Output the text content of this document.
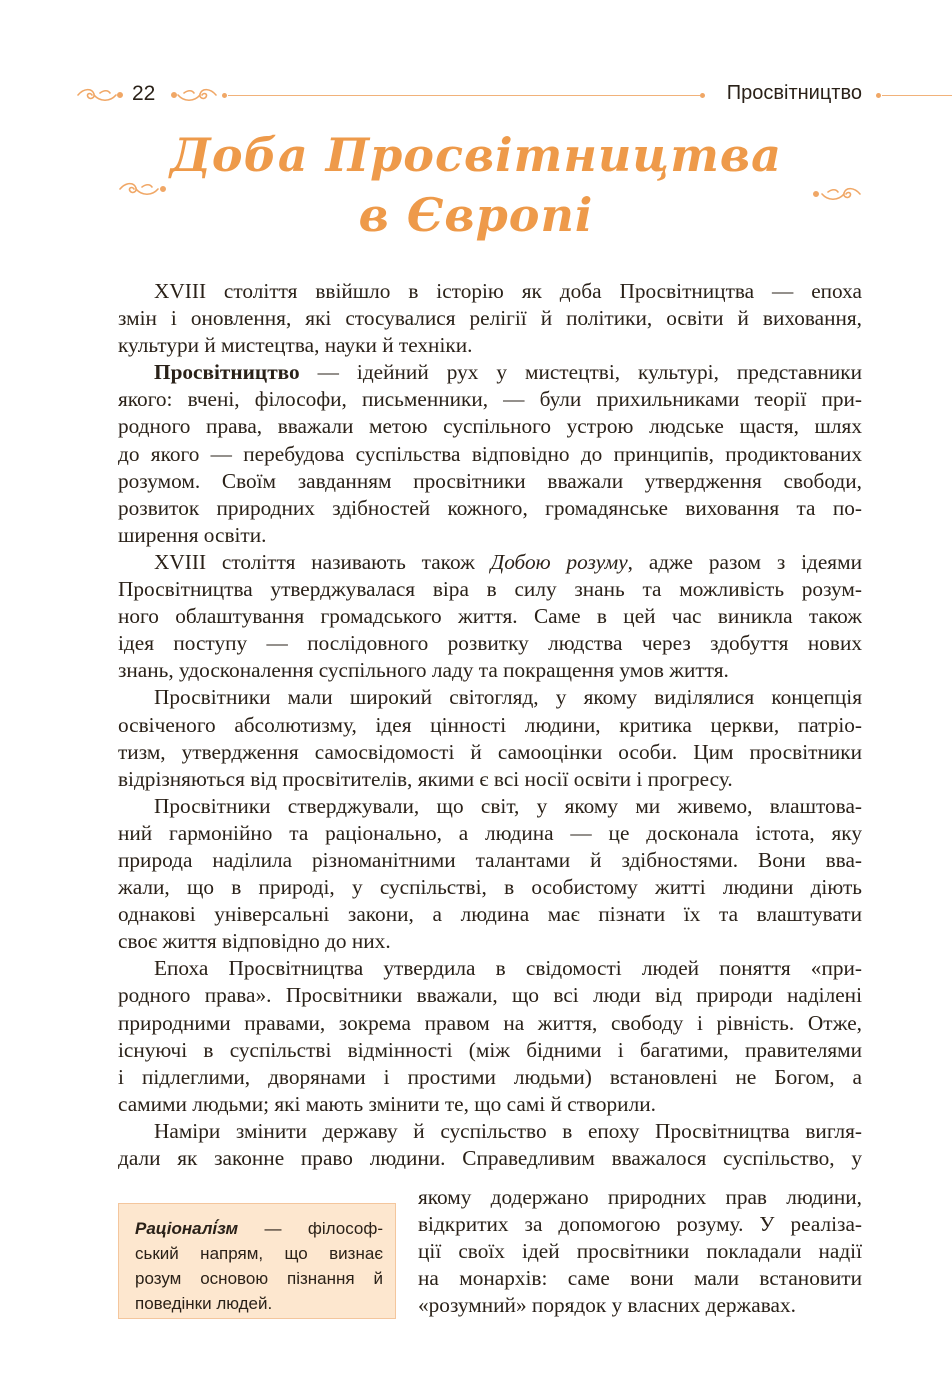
22	Просвітництво
Доба Просвітництва
в Європі

XVIII століття ввійшло в історію як доба Просвітництва — епоха
змін і оновлення, які стосувалися релігії й політики, освіти й виховання,
культури й мистецтва, науки й техніки.

Просвітництво — ідейний рух у мистецтві, культурі, представники
якого: вчені, філософи, письменники, — були прихильниками теорії при-
родного права, вважали метою суспільного устрою людське щастя, шлях
до якого — перебудова суспільства відповідно до принципів, продиктованих
розумом. Своїм завданням просвітники вважали утвердження свободи,
розвиток природних здібностей кожного, громадянське виховання та по-
ширення освіти.

XVIII століття називають також Добою розуму, адже разом з ідеями
Просвітництва утверджувалася віра в силу знань та можливість розум-
ного облаштування громадського життя. Саме в цей час виникла також
ідея поступу — послідовного розвитку людства через здобуття нових
знань, удосконалення суспільного ладу та покращення умов життя.

Просвітники мали широкий світогляд, у якому виділялися концепція
освіченого абсолютизму, ідея цінності людини, критика церкви, патріо-
тизм, утвердження самосвідомості й самооцінки особи. Цим просвітники
відрізняються від просвітителів, якими є всі носії освіти і прогресу.

Просвітники стверджували, що світ, у якому ми живемо, влаштова-
ний гармонійно та раціонально, а людина — це досконала істота, яку
природа наділила різноманітними талантами й здібностями. Вони вва-
жали, що в природі, у суспільстві, в особистому житті людини діють
однакові універсальні закони, а людина має пізнати їх та влаштувати
своє життя відповідно до них.

Епоха Просвітництва утвердила в свідомості людей поняття «при-
родного права». Просвітники вважали, що всі люди від природи наділені
природними правами, зокрема правом на життя, свободу і рівність. Отже,
існуючі в суспільстві відмінності (між бідними і багатими, правителями
і підлеглими, дворянами і простими людьми) встановлені не Богом, а
самими людьми; які мають змінити те, що самі й створили.

Наміри змінити державу й суспільство в епоху Просвітництва вигля-
дали як законне право людини. Справедливим вважалося суспільство, у

якому додержано природних прав людини,
відкритих за допомогою розуму. У реаліза-
ції своїх ідей просвітники покладали надії
на монархів: саме вони мали встановити
«розумний» порядок у власних державах.
Раціоналі́зм — філософ-
ський напрям, що визнає
розум основою пізнання й
поведінки людей.
